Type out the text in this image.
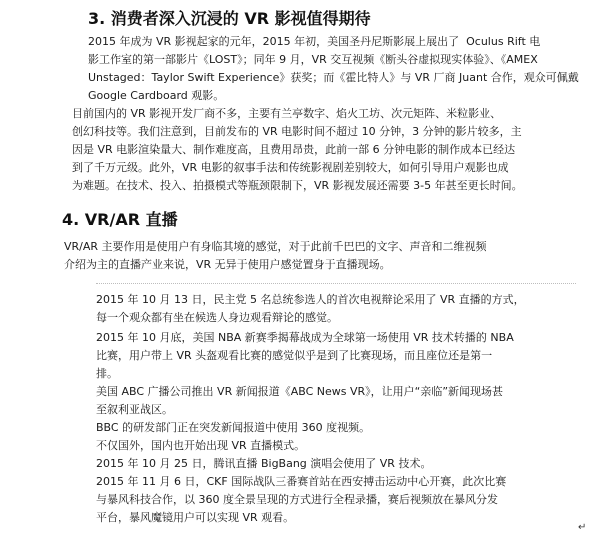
3. 消费者深入沉浸的 VR 影视值得期待

2015 年成为 VR 影视起家的元年，2015 年初，美国圣丹尼斯影展上展出了  Oculus Rift 电
影工作室的第一部影片《LOST》；同年 9 月，VR 交互视频《断头谷虚拟现实体验》、《AMEX
Unstaged：Taylor Swift Experience》获奖；而《霍比特人》与 VR 厂商 Juant 合作，观众可佩戴
Google Cardboard 观影。

目前国内的 VR 影视开发厂商不多，主要有兰亭数字、焰火工坊、次元矩阵、米粒影业、
创幻科技等。我们注意到，目前发布的 VR 电影时间不超过 10 分钟，3 分钟的影片较多，主
因是 VR 电影渲染量大、制作难度高，且费用昂贵，此前一部 6 分钟电影的制作成本已经达
到了千万元级。此外，VR 电影的叙事手法和传统影视剧差别较大，如何引导用户观影也成
为难题。在技术、投入、拍摄模式等瓶颈限制下，VR 影视发展还需要 3-5 年甚至更长时间。

4. VR/AR 直播

VR/AR 主要作用是使用户有身临其境的感觉，对于此前千巴巴的文字、声音和二维视频
介绍为主的直播产业来说，VR 无异于使用户感觉置身于直播现场。

2015 年 10 月 13 日，民主党 5 名总统参选人的首次电视辩论采用了 VR 直播的方式，
每一个观众都有坐在候选人身边观看辩论的感觉。

2015 年 10 月底，美国 NBA 新赛季揭幕战成为全球第一场使用 VR 技术转播的 NBA
比赛，用户带上 VR 头盔观看比赛的感觉似乎是到了比赛现场，而且座位还是第一
排。

美国 ABC 广播公司推出 VR 新闻报道《ABC News VR》，让用户“亲临”新闻现场甚
至叙利亚战区。

BBC 的研发部门正在突发新闻报道中使用 360 度视频。

不仅国外，国内也开始出现 VR 直播模式。

2015 年 10 月 25 日，腾讯直播 BigBang 演唱会使用了 VR 技术。

2015 年 11 月 6 日，CKF 国际战队三番赛首站在西安搏击运动中心开赛，此次比赛
与暴风科技合作，以 360 度全景呈现的方式进行全程录播，赛后视频放在暴风分发
平台，暴风魔镜用户可以实现 VR 观看。

↵
